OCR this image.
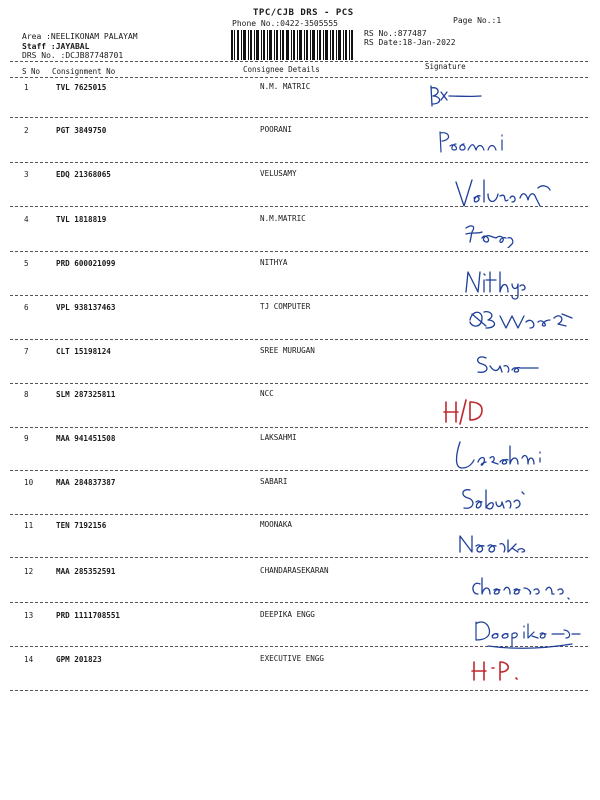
TPC/CJB DRS - PCS
Phone No.:0422-3505555	Page No.:1
Area :NEELIKONAM PALAYAM
Staff :JAYABAL
DRS No. :DCJB87748701
RS No.:877487
RS Date:18-Jan-2022
S No Consignment No	Consignee Details	Signature
1	TVL 7625015	N.M. MATRIC
2	PGT 3849750	POORANI
3	EDQ 21368065	VELUSAMY
4	TVL 1818819	N.M.MATRIC
5	PRD 600021099	NITHYA
6	VPL 938137463	TJ COMPUTER
7	CLT 15198124	SREE MURUGAN
8	SLM 287325811	NCC
9	MAA 941451508	LAKSAHMI
10	MAA 284837387	SABARI
11	TEN 7192156	MOONAKA
12	MAA 285352591	CHANDARASEKARAN
13	PRD 1111708551	DEEPIKA ENGG
14	GPM 201823	EXECUTIVE ENGG
